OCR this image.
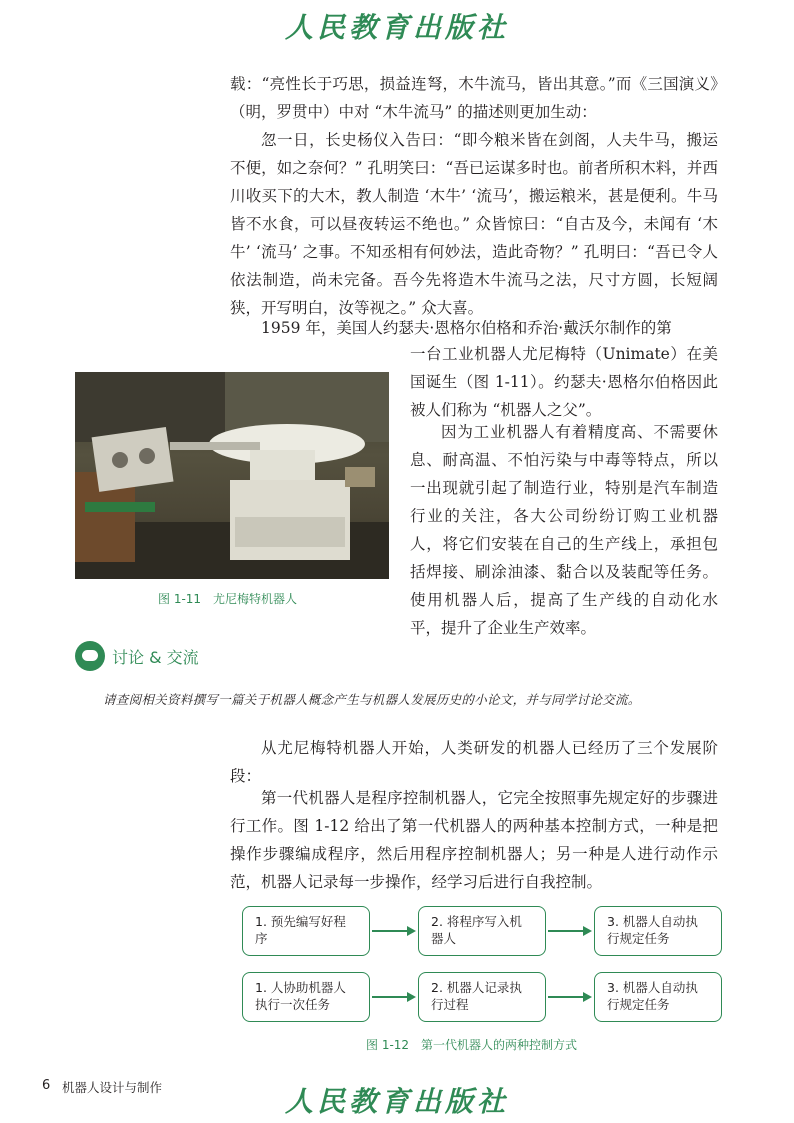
人民教育出版社

载：“亮性长于巧思，损益连弩，木牛流马，皆出其意。”而《三国演义》（明，罗贯中）中对 “木牛流马” 的描述则更加生动：

忽一日，长史杨仪入告曰：“即今粮米皆在剑阁，人夫牛马，搬运不便，如之奈何？” 孔明笑曰：“吾已运谋多时也。前者所积木料，并西川收买下的大木，教人制造 ‘木牛’ ‘流马’，搬运粮米，甚是便利。牛马皆不水食，可以昼夜转运不绝也。” 众皆惊曰：“自古及今，未闻有 ‘木牛’ ‘流马’ 之事。不知丞相有何妙法，造此奇物？” 孔明曰：“吾已令人依法制造，尚未完备。吾今先将造木牛流马之法，尺寸方圆，长短阔狭，开写明白，汝等视之。” 众大喜。

1959 年，美国人约瑟夫·恩格尔伯格和乔治·戴沃尔制作的第

一台工业机器人尤尼梅特（Unimate）在美国诞生（图 1-11）。约瑟夫·恩格尔伯格因此被人们称为 “机器人之父”。

因为工业机器人有着精度高、不需要休息、耐高温、不怕污染与中毒等特点，所以一出现就引起了制造行业，特别是汽车制造行业的关注，各大公司纷纷订购工业机器人，将它们安装在自己的生产线上，承担包括焊接、刷涂油漆、黏合以及装配等任务。使用机器人后，提高了生产线的自动化水平，提升了企业生产效率。

图 1-11　尤尼梅特机器人
讨论 & 交流
请查阅相关资料撰写一篇关于机器人概念产生与机器人发展历史的小论文，并与同学讨论交流。

从尤尼梅特机器人开始，人类研发的机器人已经历了三个发展阶段：

第一代机器人是程序控制机器人，它完全按照事先规定好的步骤进行工作。图 1-12 给出了第一代机器人的两种基本控制方式，一种是把操作步骤编成程序，然后用程序控制机器人；另一种是人进行动作示范，机器人记录每一步操作，经学习后进行自我控制。

1. 预先编写好程序
2. 将程序写入机器人
3. 机器人自动执行规定任务
1. 人协助机器人执行一次任务
2. 机器人记录执行过程
3. 机器人自动执行规定任务
图 1-12　第一代机器人的两种控制方式
6 机器人设计与制作	人民教育出版社
